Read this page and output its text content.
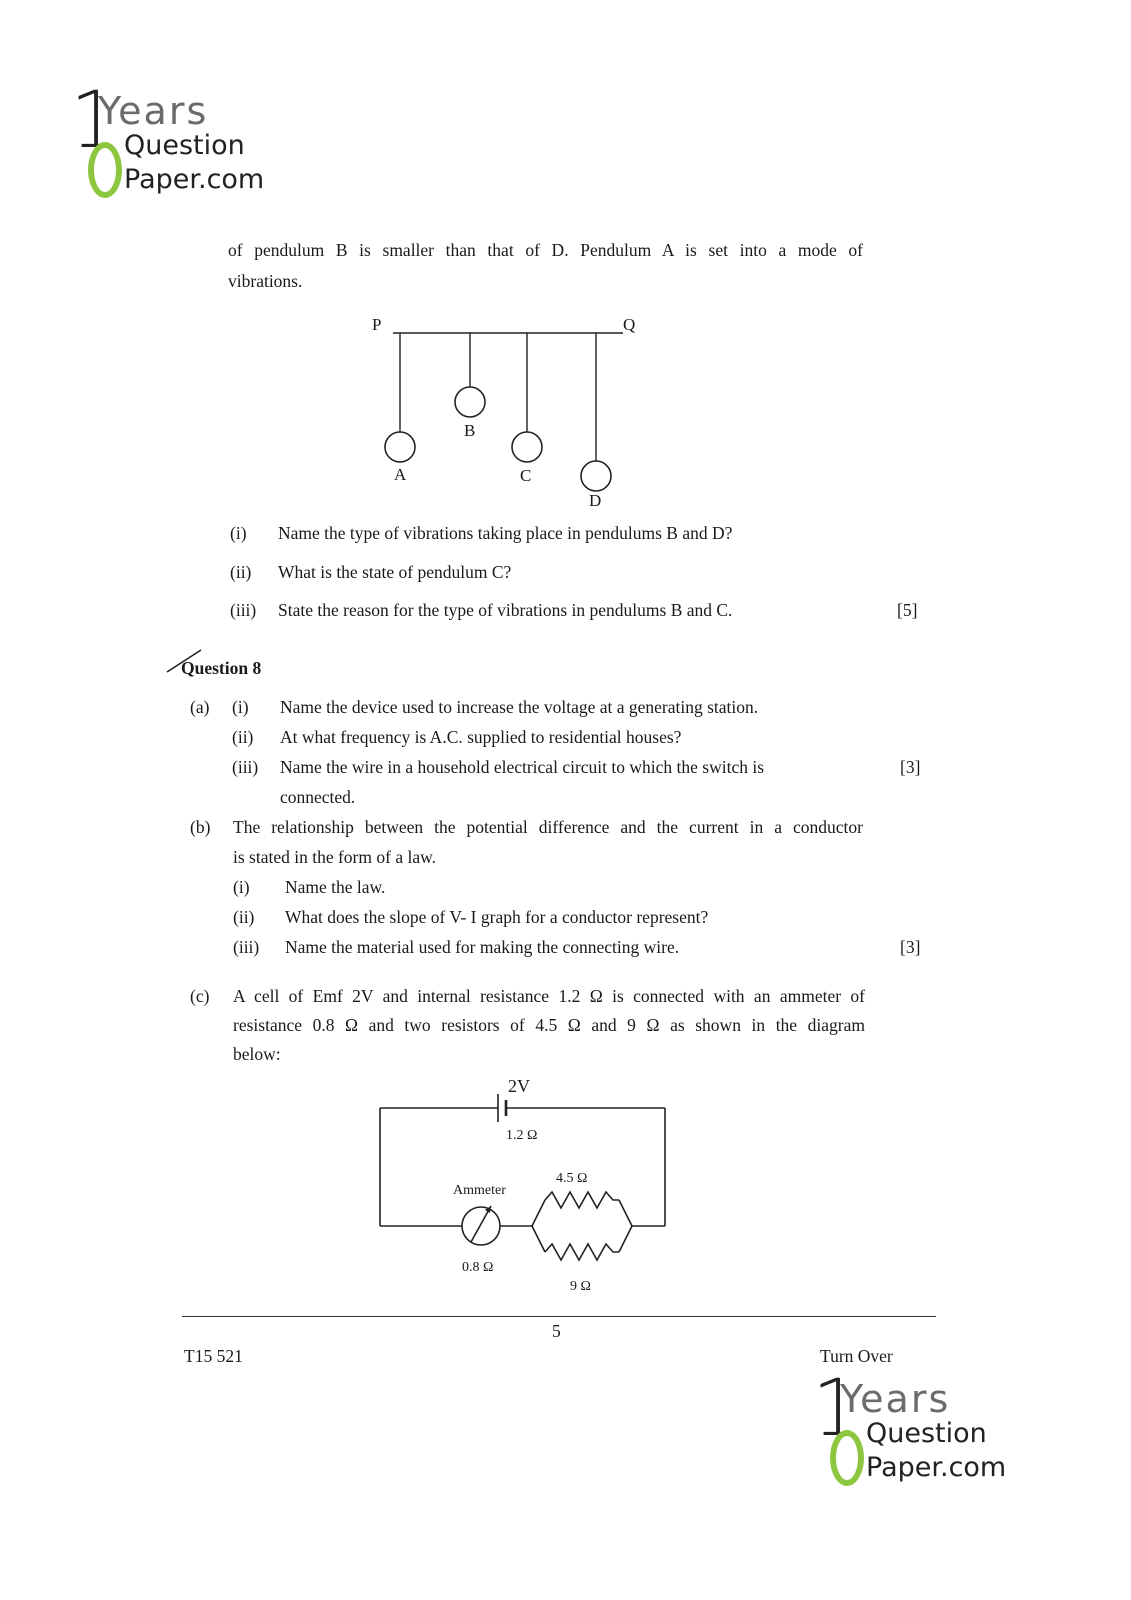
1
Years
Question
Paper.com
of pendulum B is smaller than that of D. Pendulum A is set into a mode of
vibrations.
P	Q
A
B
C
D
(i) Name the type of vibrations taking place in pendulums B and D?
(ii) What is the state of pendulum C?
(iii) State the reason for the type of vibrations in pendulums B and C.	[5]
Question 8
(a) (i) Name the device used to increase the voltage at a generating station.
(ii) At what frequency is A.C. supplied to residential houses?
(iii) Name the wire in a household electrical circuit to which the switch is
connected.
[3]
(b) The relationship between the potential difference and the current in a conductor
is stated in the form of a law.
(i) Name the law.
(ii) What does the slope of V- I graph for a conductor represent?
(iii) Name the material used for making the connecting wire.	[3]
(c) A cell of Emf 2V and internal resistance 1.2 Ω is connected with an ammeter of
resistance 0.8 Ω and two resistors of 4.5 Ω and 9 Ω as shown in the diagram
below:
2V
1.2 Ω
Ammeter
0.8 Ω
4.5 Ω
9 Ω
5
T15 521	Turn Over
1
Years
Question
Paper.com
